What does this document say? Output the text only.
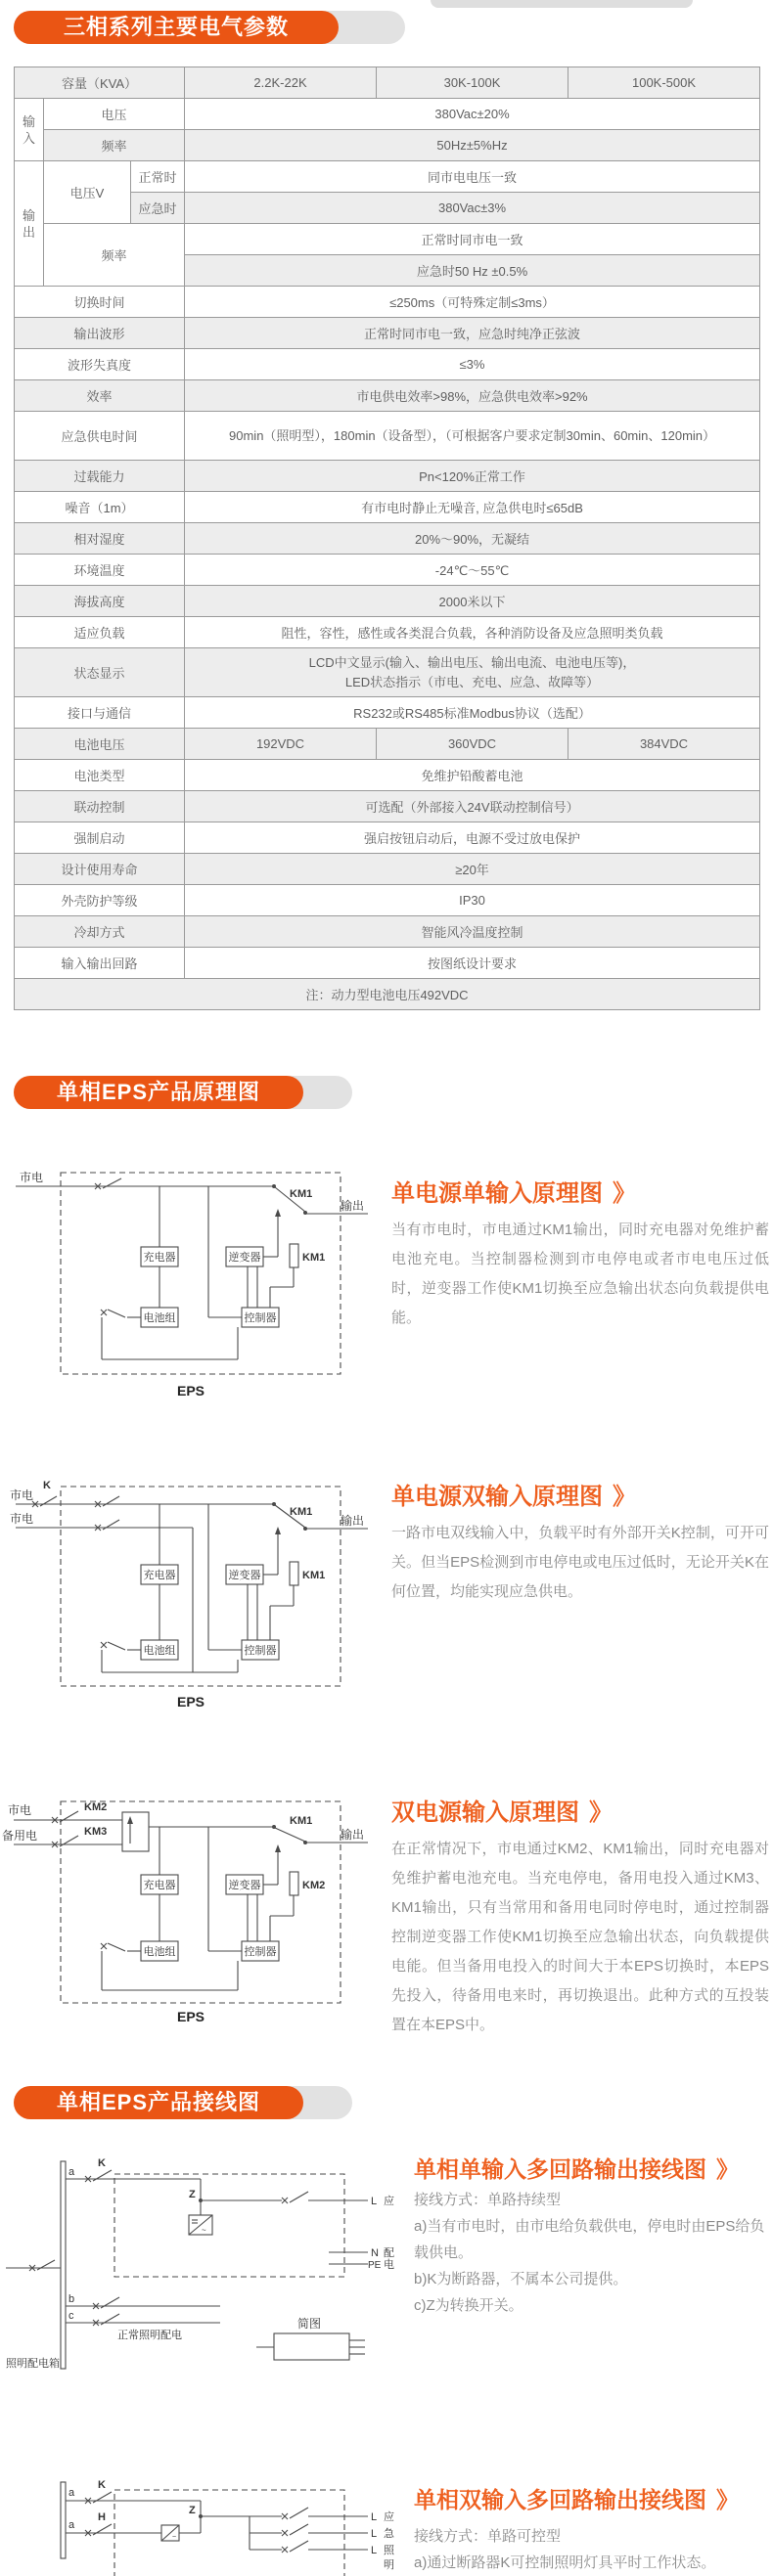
三相系列主要电气参数
容量（KVA）			2.2K-22K	30K-100K	100K-500K
输入	电压		380Vac±20%		
	频率		50Hz±5%Hz		
输出	电压V	正常时	同市电电压一致		
		应急时	380Vac±3%		
	频率		正常时同市电一致		
			应急时50 Hz ±0.5%		
切换时间			≤250ms（可特殊定制≤3ms）		
输出波形			正常时同市电一致，应急时纯净正弦波		
波形失真度			≤3%		
效率			市电供电效率>98%，应急供电效率>92%		
应急供电时间			90min（照明型），180min（设备型），（可根据客户要求定制30min、60min、120min）		
过载能力			Pn<120%正常工作		
噪音（1m）			有市电时静止无噪音, 应急供电时≤65dB		
相对湿度			20%～90%，无凝结		
环境温度			-24℃～55℃		
海拔高度			2000米以下		
适应负载			阻性，容性，感性或各类混合负载，各种消防设备及应急照明类负载		
状态显示			LCD中文显示(输入、输出电压、输出电流、电池电压等)，
LED状态指示（市电、充电、应急、故障等）		

接口与通信			RS232或RS485标准Modbus协议（选配）		
电池电压			192VDC	360VDC	384VDC
电池类型			免维护铅酸蓄电池		
联动控制			可选配（外部接入24V联动控制信号）		
强制启动			强启按钮启动后，电源不受过放电保护		
设计使用寿命			≥20年		
外壳防护等级			IP30		
冷却方式			智能风冷温度控制		
输入输出回路			按图纸设计要求		
注：动力型电池电压492VDC					
单相EPS产品原理图
市电
充电器
电池组
逆变器
控制器
KM1
KM1
输出
EPS
单电源单输入原理图 》
当有市电时，市电通过KM1输出，同时充电器对免维护蓄电池充电。当控制器检测到市电停电或者市电电压过低时，逆变器工作使KM1切换至应急输出状态向负载提供电能。
市电
K
市电
充电器
电池组
逆变器
控制器
KM1
KM1
输出
EPS
单电源双输入原理图 》
一路市电双线输入中，负载平时有外部开关K控制，可开可关。但当EPS检测到市电停电或电压过低时，无论开关K在何位置，均能实现应急供电。
市电	KM2
备用电	KM3
KM1
输出
充电器
电池组
逆变器
控制器
KM2
EPS
双电源输入原理图 》
在正常情况下，市电通过KM2、KM1输出，同时充电器对免维护蓄电池充电。当充电停电，备用电投入通过KM3、KM1输出，只有当常用和备用电同时停电时，通过控制器控制逆变器工作使KM1切换至应急输出状态，向负载提供电能。但当备用电投入的时间大于本EPS切换时，本EPS先投入，待备用电来时，再切换退出。此种方式的互投装置在本EPS中。
单相EPS产品接线图
a
K
Z
L 应
~
N 配
PE 电
b
c
正常照明配电
照明配电箱
简图
单相单输入多回路输出接线图 》
接线方式：单路持续型
a)当有市电时，由市电给负载供电，停电时由EPS给负载供电。
b)K为断路器，不属本公司提供。
c)Z为转换开关。
a
K
a
H
~
Z
L 应
L 急
L 照
明
单相双输入多回路输出接线图 》
接线方式：单路可控型
a)通过断路器K可控制照明灯具平时工作状态。
